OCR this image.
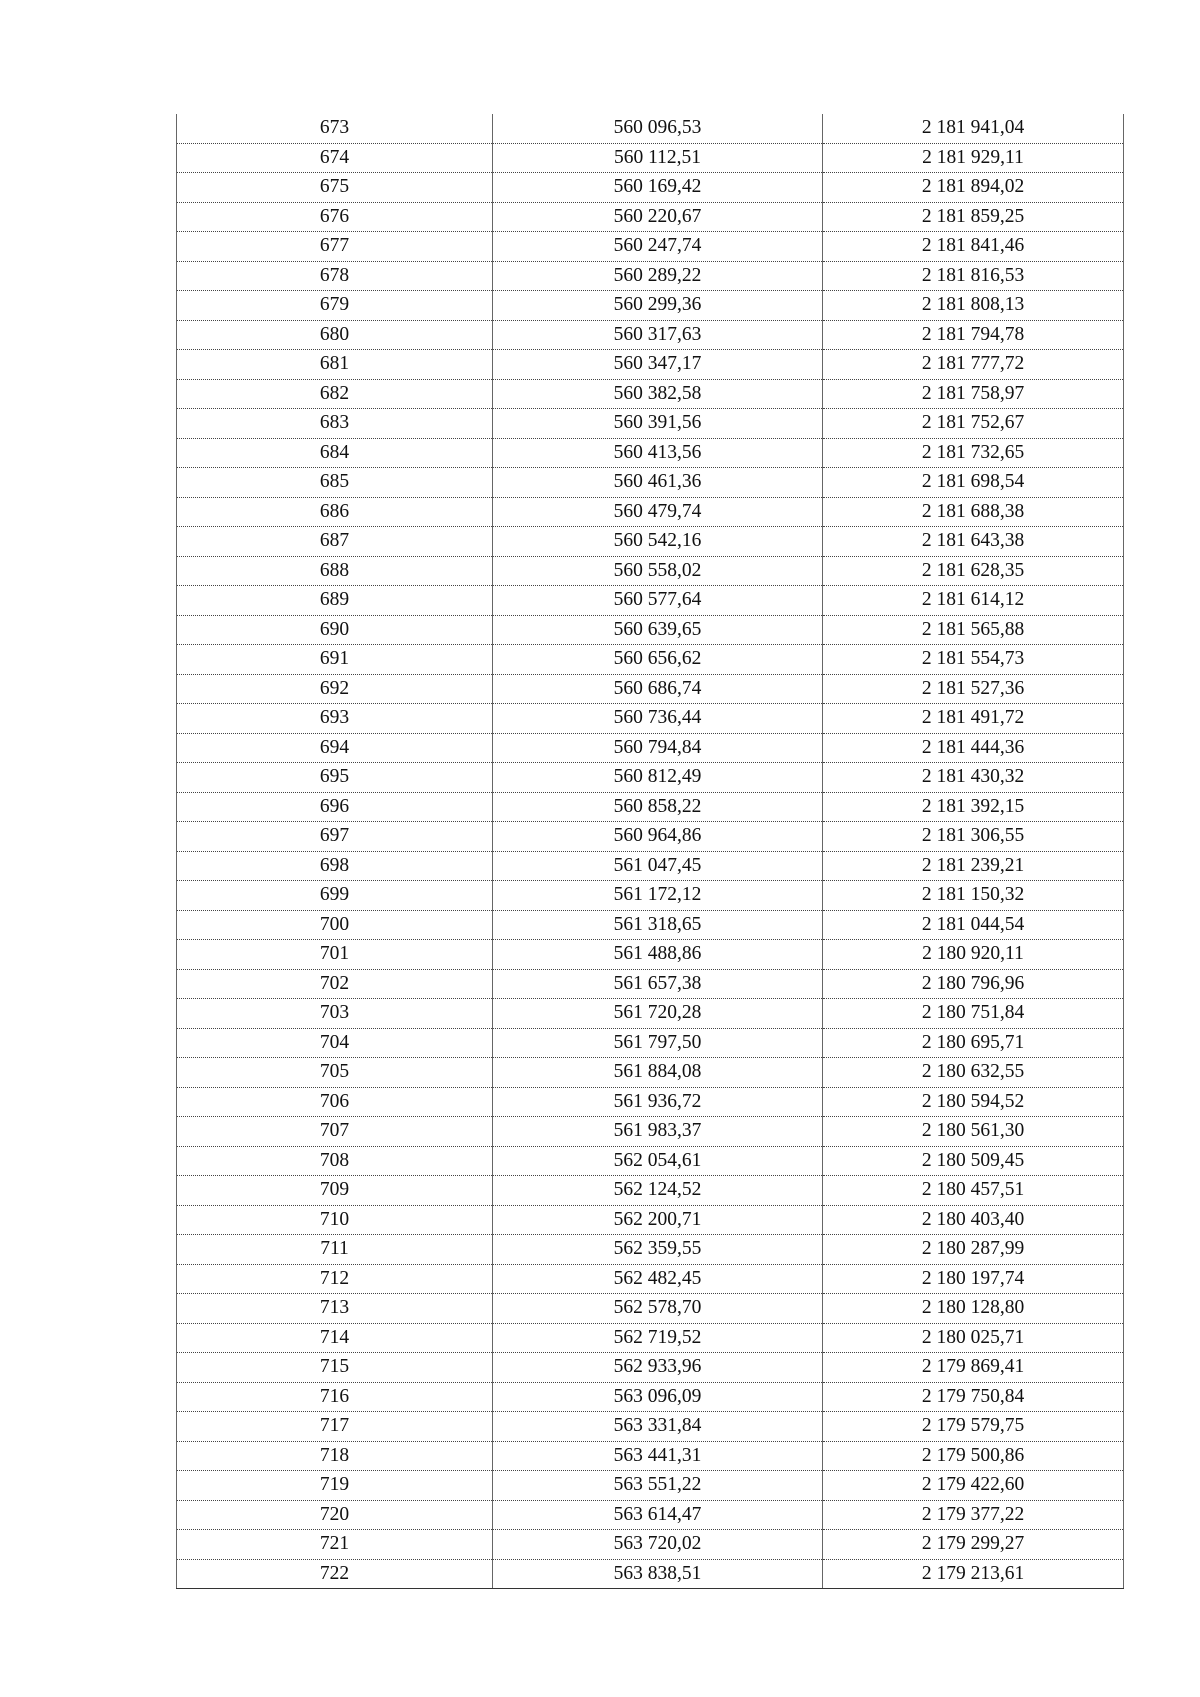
673	560 096,53	2 181 941,04
674	560 112,51	2 181 929,11
675	560 169,42	2 181 894,02
676	560 220,67	2 181 859,25
677	560 247,74	2 181 841,46
678	560 289,22	2 181 816,53
679	560 299,36	2 181 808,13
680	560 317,63	2 181 794,78
681	560 347,17	2 181 777,72
682	560 382,58	2 181 758,97
683	560 391,56	2 181 752,67
684	560 413,56	2 181 732,65
685	560 461,36	2 181 698,54
686	560 479,74	2 181 688,38
687	560 542,16	2 181 643,38
688	560 558,02	2 181 628,35
689	560 577,64	2 181 614,12
690	560 639,65	2 181 565,88
691	560 656,62	2 181 554,73
692	560 686,74	2 181 527,36
693	560 736,44	2 181 491,72
694	560 794,84	2 181 444,36
695	560 812,49	2 181 430,32
696	560 858,22	2 181 392,15
697	560 964,86	2 181 306,55
698	561 047,45	2 181 239,21
699	561 172,12	2 181 150,32
700	561 318,65	2 181 044,54
701	561 488,86	2 180 920,11
702	561 657,38	2 180 796,96
703	561 720,28	2 180 751,84
704	561 797,50	2 180 695,71
705	561 884,08	2 180 632,55
706	561 936,72	2 180 594,52
707	561 983,37	2 180 561,30
708	562 054,61	2 180 509,45
709	562 124,52	2 180 457,51
710	562 200,71	2 180 403,40
711	562 359,55	2 180 287,99
712	562 482,45	2 180 197,74
713	562 578,70	2 180 128,80
714	562 719,52	2 180 025,71
715	562 933,96	2 179 869,41
716	563 096,09	2 179 750,84
717	563 331,84	2 179 579,75
718	563 441,31	2 179 500,86
719	563 551,22	2 179 422,60
720	563 614,47	2 179 377,22
721	563 720,02	2 179 299,27
722	563 838,51	2 179 213,61
